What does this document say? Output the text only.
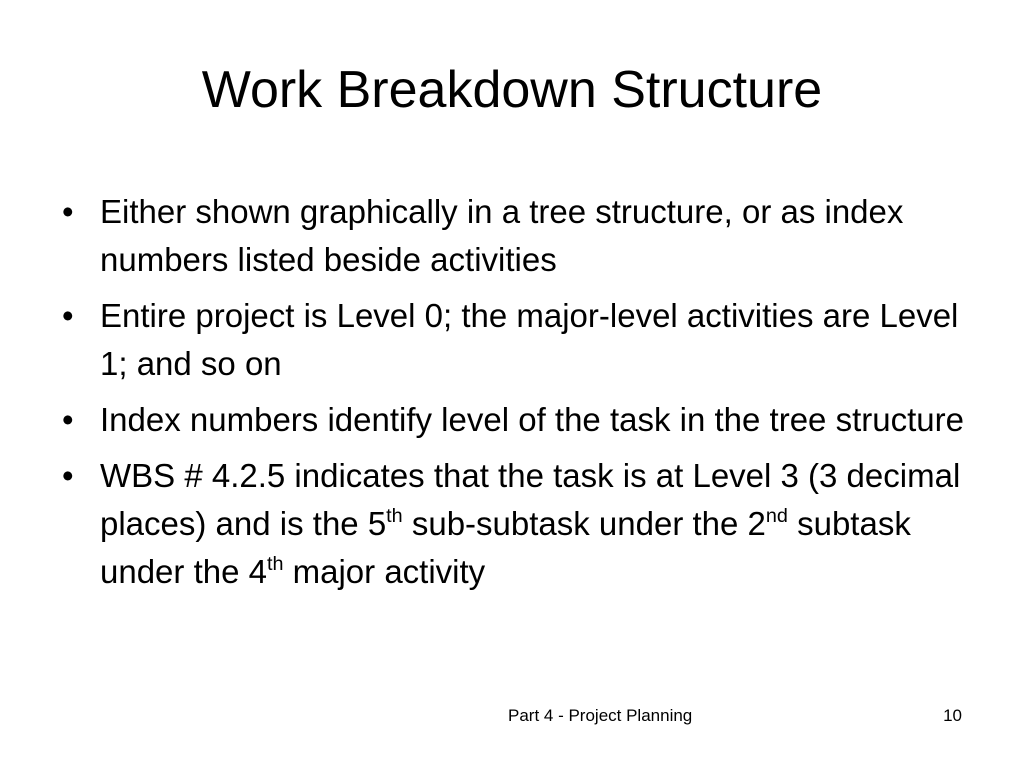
Work Breakdown Structure
• Either shown graphically in a tree structure, or as index numbers listed beside activities
• Entire project is Level 0; the major-level activities are Level 1; and so on
• Index numbers identify level of the task in the tree structure
• WBS # 4.2.5 indicates that the task is at Level 3 (3 decimal places) and is the 5th sub-subtask under the 2nd subtask under the 4th major activity
Part 4 - Project Planning	10
